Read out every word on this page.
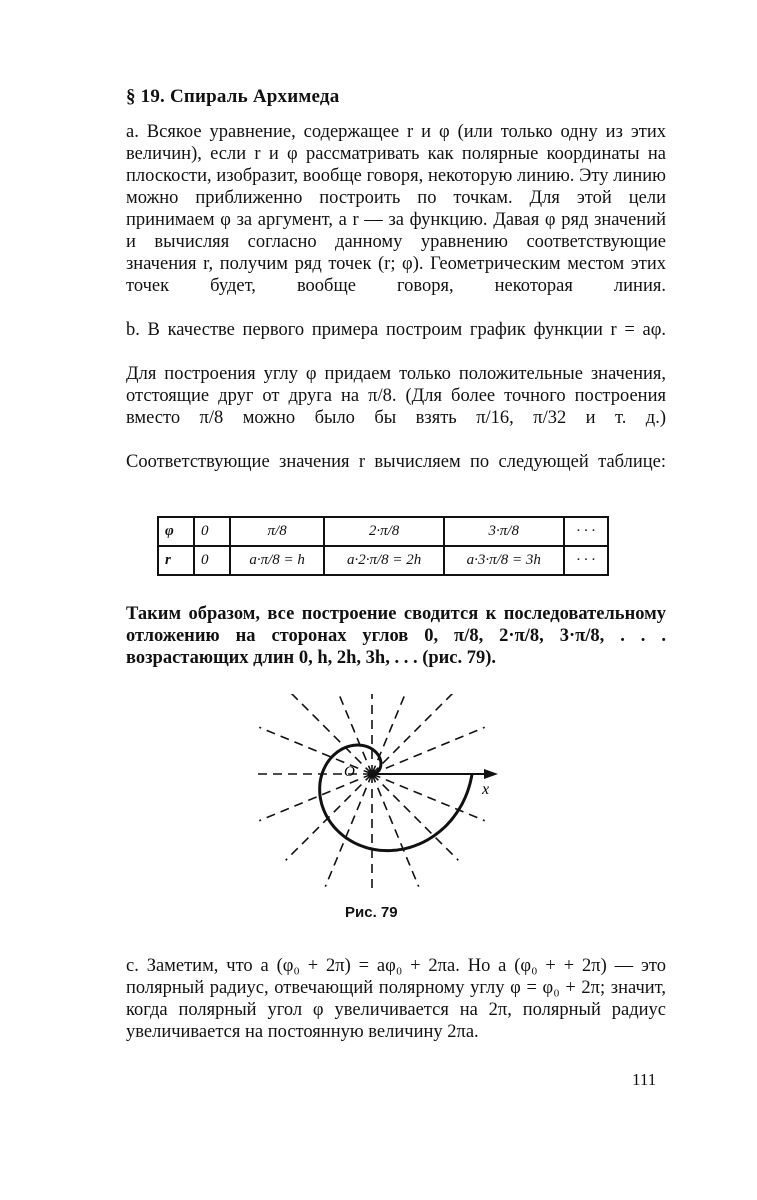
§ 19. Спираль Архимеда
а. Всякое уравнение, содержащее r и φ (или только одну из этих величин), если r и φ рассматривать как полярные координаты на плоскости, изобразит, вообще говоря, некоторую линию. Эту линию можно приближенно построить по точкам. Для этой цели принимаем φ за аргумент, а r — за функцию. Давая φ ряд значений и вычисляя согласно данному уравнению соответствующие значения r, получим ряд точек (r; φ). Геометрическим местом этих точек будет, вообще говоря, некоторая линия.
b. В качестве первого примера построим график функции r = aφ.
Для построения углу φ придаем только положительные значения, отстоящие друг от друга на π/8. (Для более точного построения вместо π/8 можно было бы взять π/16, π/32 и т. д.)
Соответствующие значения r вычисляем по следующей таблице:
φ	0	π/8	2·π/8	3·π/8	· · ·
r	0	a·π/8 = h	a·2·π/8 = 2h	a·3·π/8 = 3h	· · ·
Таким образом, все построение сводится к последовательному отложению на сторонах углов 0, π/8, 2·π/8, 3·π/8, . . . возрастающих длин 0, h, 2h, 3h, . . . (рис. 79).
O
x
Рис. 79
с. Заметим, что a (φ₀ + 2π) = aφ₀ + 2πa. Но a (φ₀ + + 2π) — это полярный радиус, отвечающий полярному углу φ = φ₀ + 2π; значит, когда полярный угол φ увеличивается на 2π, полярный радиус увеличивается на постоянную величину 2πa.
111
